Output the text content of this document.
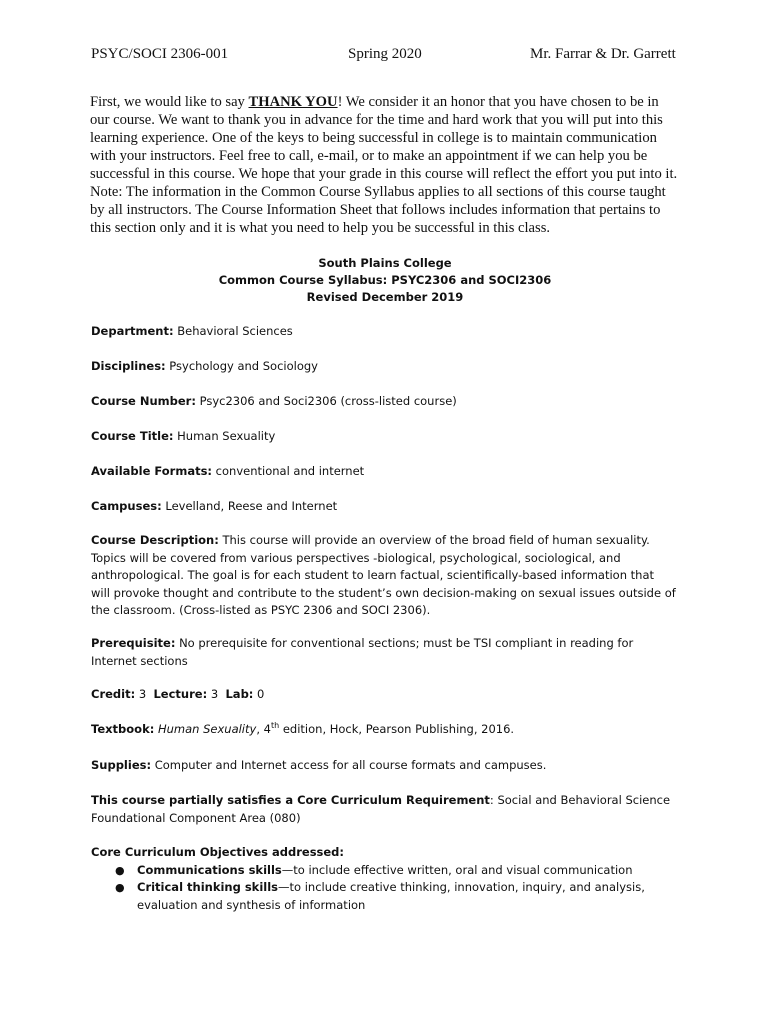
PSYC/SOCI 2306-001	Spring 2020	Mr. Farrar & Dr. Garrett

First, we would like to say THANK YOU! We consider it an honor that you have chosen to be in our course. We want to thank you in advance for the time and hard work that you will put into this learning experience. One of the keys to being successful in college is to maintain communication with your instructors. Feel free to call, e-mail, or to make an appointment if we can help you be successful in this course. We hope that your grade in this course will reflect the effort you put into it.

Note: The information in the Common Course Syllabus applies to all sections of this course taught by all instructors. The Course Information Sheet that follows includes information that pertains to this section only and it is what you need to help you be successful in this class.

South Plains College
Common Course Syllabus: PSYC2306 and SOCI2306
Revised December 2019
Department: Behavioral Sciences
Disciplines: Psychology and Sociology
Course Number: Psyc2306 and Soci2306 (cross-listed course)
Course Title: Human Sexuality
Available Formats: conventional and internet
Campuses: Levelland, Reese and Internet
Course Description: This course will provide an overview of the broad field of human sexuality. Topics will be covered from various perspectives -biological, psychological, sociological, and anthropological. The goal is for each student to learn factual, scientifically-based information that will provoke thought and contribute to the student’s own decision-making on sexual issues outside of the classroom. (Cross-listed as PSYC 2306 and SOCI 2306).
Prerequisite: No prerequisite for conventional sections; must be TSI compliant in reading for Internet sections
Credit: 3 Lecture: 3 Lab: 0
Textbook: Human Sexuality, 4th edition, Hock, Pearson Publishing, 2016.
Supplies: Computer and Internet access for all course formats and campuses.
This course partially satisfies a Core Curriculum Requirement: Social and Behavioral Science Foundational Component Area (080)
Core Curriculum Objectives addressed:
● Communications skills—to include effective written, oral and visual communication
● Critical thinking skills—to include creative thinking, innovation, inquiry, and analysis, evaluation and synthesis of information
